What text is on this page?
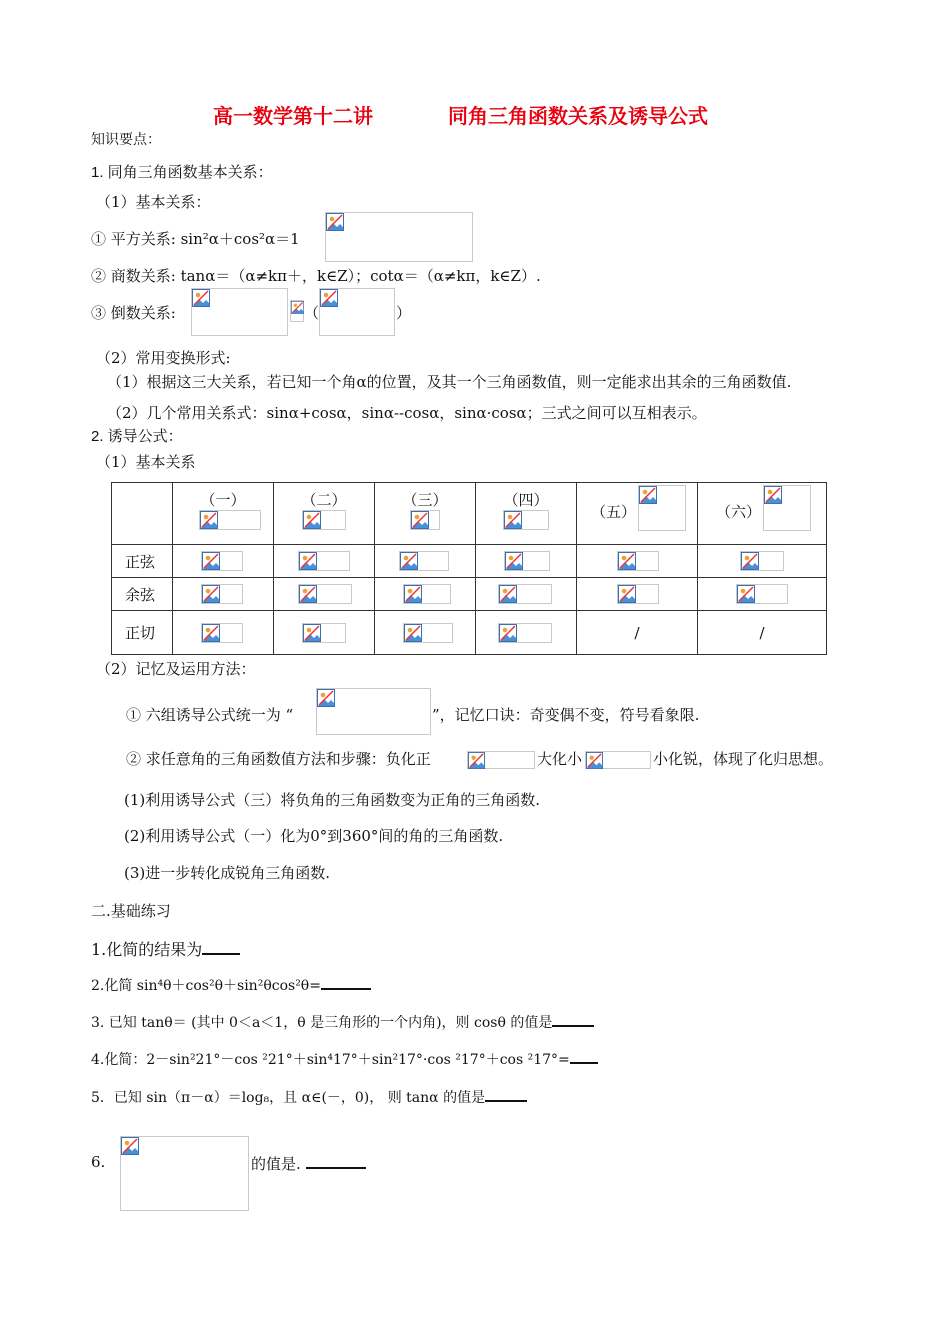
高一数学第十二讲	同角三角函数关系及诱导公式
知识要点：
1. 同角三角函数基本关系：
（1）基本关系：
① 平方关系: sin²α＋cos²α＝1
② 商数关系: tanα＝（α≠kπ＋，k∈Z）；cotα＝（α≠kπ，k∈Z）.
③ 倒数关系:	（	）
（2）常用变换形式:
（1）根据这三大关系，若已知一个角α的位置，及其一个三角函数值，则一定能求出其余的三角函数值.
（2）几个常用关系式：sinα+cosα，sinα--cosα，sinα·cosα；三式之间可以互相表示。
2. 诱导公式：
（1）基本关系

	（一）	（二）	（三）	（四）	（五）	（六）

正弦	

余弦	

正切					/	/
（2）记忆及运用方法：
① 六组诱导公式统一为 “	”，记忆口诀：奇变偶不变，符号看象限.
② 求任意角的三角函数值方法和步骤：负化正	大化小	小化锐，体现了化归思想。
(1)利用诱导公式（三）将负角的三角函数变为正角的三角函数.
(2)利用诱导公式（一）化为0°到360°间的角的三角函数.
(3)进一步转化成锐角三角函数.
二.基础练习
1.化简的结果为
2.化简 sin⁴θ＋cos²θ＋sin²θcos²θ=
3. 已知 tanθ＝ (其中 0＜a＜1，θ 是三角形的一个内角)，则 cosθ 的值是
4.化简：2－sin²21°－cos ²21°＋sin⁴17°＋sin²17°·cos ²17°＋cos ²17°=
5．已知 sin（π－α）＝log₈，且 α∈(－，0)， 则 tanα 的值是
6.	的值是.
